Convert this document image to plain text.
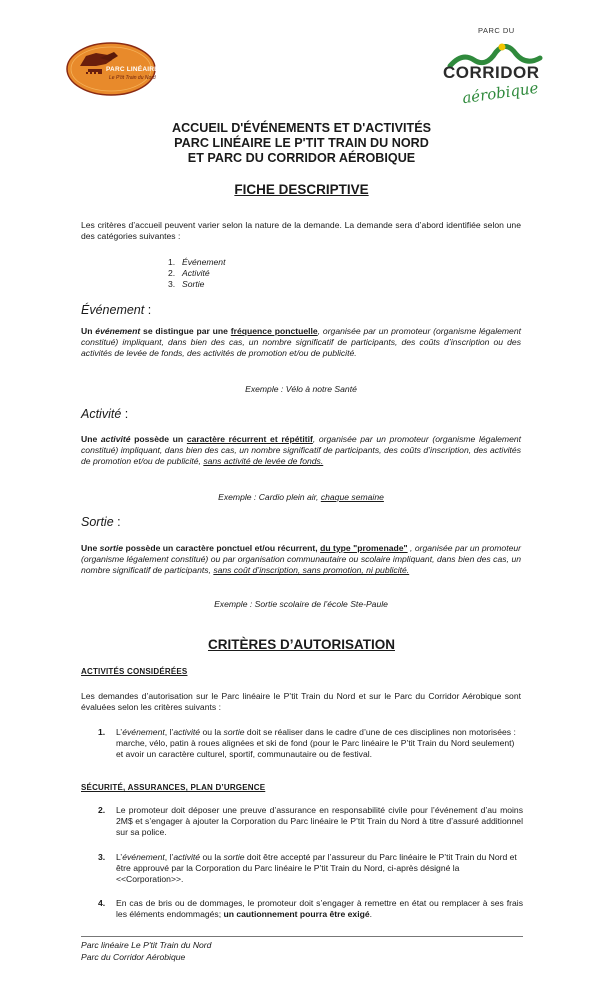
PARC LINÉAIRE
Le P'tit Train du Nord
PARC DU
CORRIDOR
aérobique
ACCUEIL D'ÉVÉNEMENTS ET D'ACTIVITÉS
PARC LINÉAIRE LE P'TIT TRAIN DU NORD
ET PARC DU CORRIDOR AÉROBIQUE
FICHE DESCRIPTIVE
Les critères d’accueil peuvent varier selon la nature de la demande. La demande sera d’abord identifiée selon une des catégories suivantes :
1. Événement
2. Activité
3. Sortie
Événement :
Un événement se distingue par une fréquence ponctuelle, organisée par un promoteur (organisme légalement constitué) impliquant, dans bien des cas, un nombre significatif de participants, des coûts d’inscription ou des activités de levée de fonds, des activités de promotion et/ou de publicité.
Exemple : Vélo à notre Santé
Activité :
Une activité possède un caractère récurrent et répétitif, organisée par un promoteur (organisme légalement constitué) impliquant, dans bien des cas, un nombre significatif de participants, des coûts d’inscription, des activités de promotion et/ou de publicité, sans activité de levée de fonds.
Exemple : Cardio plein air, chaque semaine
Sortie :
Une sortie possède un caractère ponctuel et/ou récurrent, du type "promenade" , organisée par un promoteur (organisme légalement constitué) ou par organisation communautaire ou scolaire impliquant, dans bien des cas, un nombre significatif de participants, sans coût d’inscription, sans promotion, ni publicité.
Exemple : Sortie scolaire de l’école Ste-Paule
CRITÈRES D’AUTORISATION
ACTIVITÉS CONSIDÉRÉES
Les demandes d’autorisation sur le Parc linéaire le P’tit Train du Nord et sur le Parc du Corridor Aérobique sont évaluées selon les critères suivants :
1. L’événement, l’activité ou la sortie doit se réaliser dans le cadre d’une de ces disciplines non motorisées : marche, vélo, patin à roues alignées et ski de fond (pour le Parc linéaire le P’tit Train du Nord seulement) et avoir un caractère culturel, sportif, communautaire ou de festival.
SÉCURITÉ, ASSURANCES, PLAN D’URGENCE
2. Le promoteur doit déposer une preuve d’assurance en responsabilité civile pour l’événement d’au moins 2M$ et s’engager à ajouter la Corporation du Parc linéaire le P’tit Train du Nord à titre d’assuré additionnel sur sa police.
3. L’événement, l’activité ou la sortie doit être accepté par l’assureur du Parc linéaire le P’tit Train du Nord et être approuvé par la Corporation du Parc linéaire le P’tit Train du Nord, ci-après désigné la <<Corporation>>.
4. En cas de bris ou de dommages, le promoteur doit s’engager à remettre en état ou remplacer à ses frais les éléments endommagés; un cautionnement pourra être exigé.
Parc linéaire Le P'tit Train du Nord
Parc du Corridor Aérobique
